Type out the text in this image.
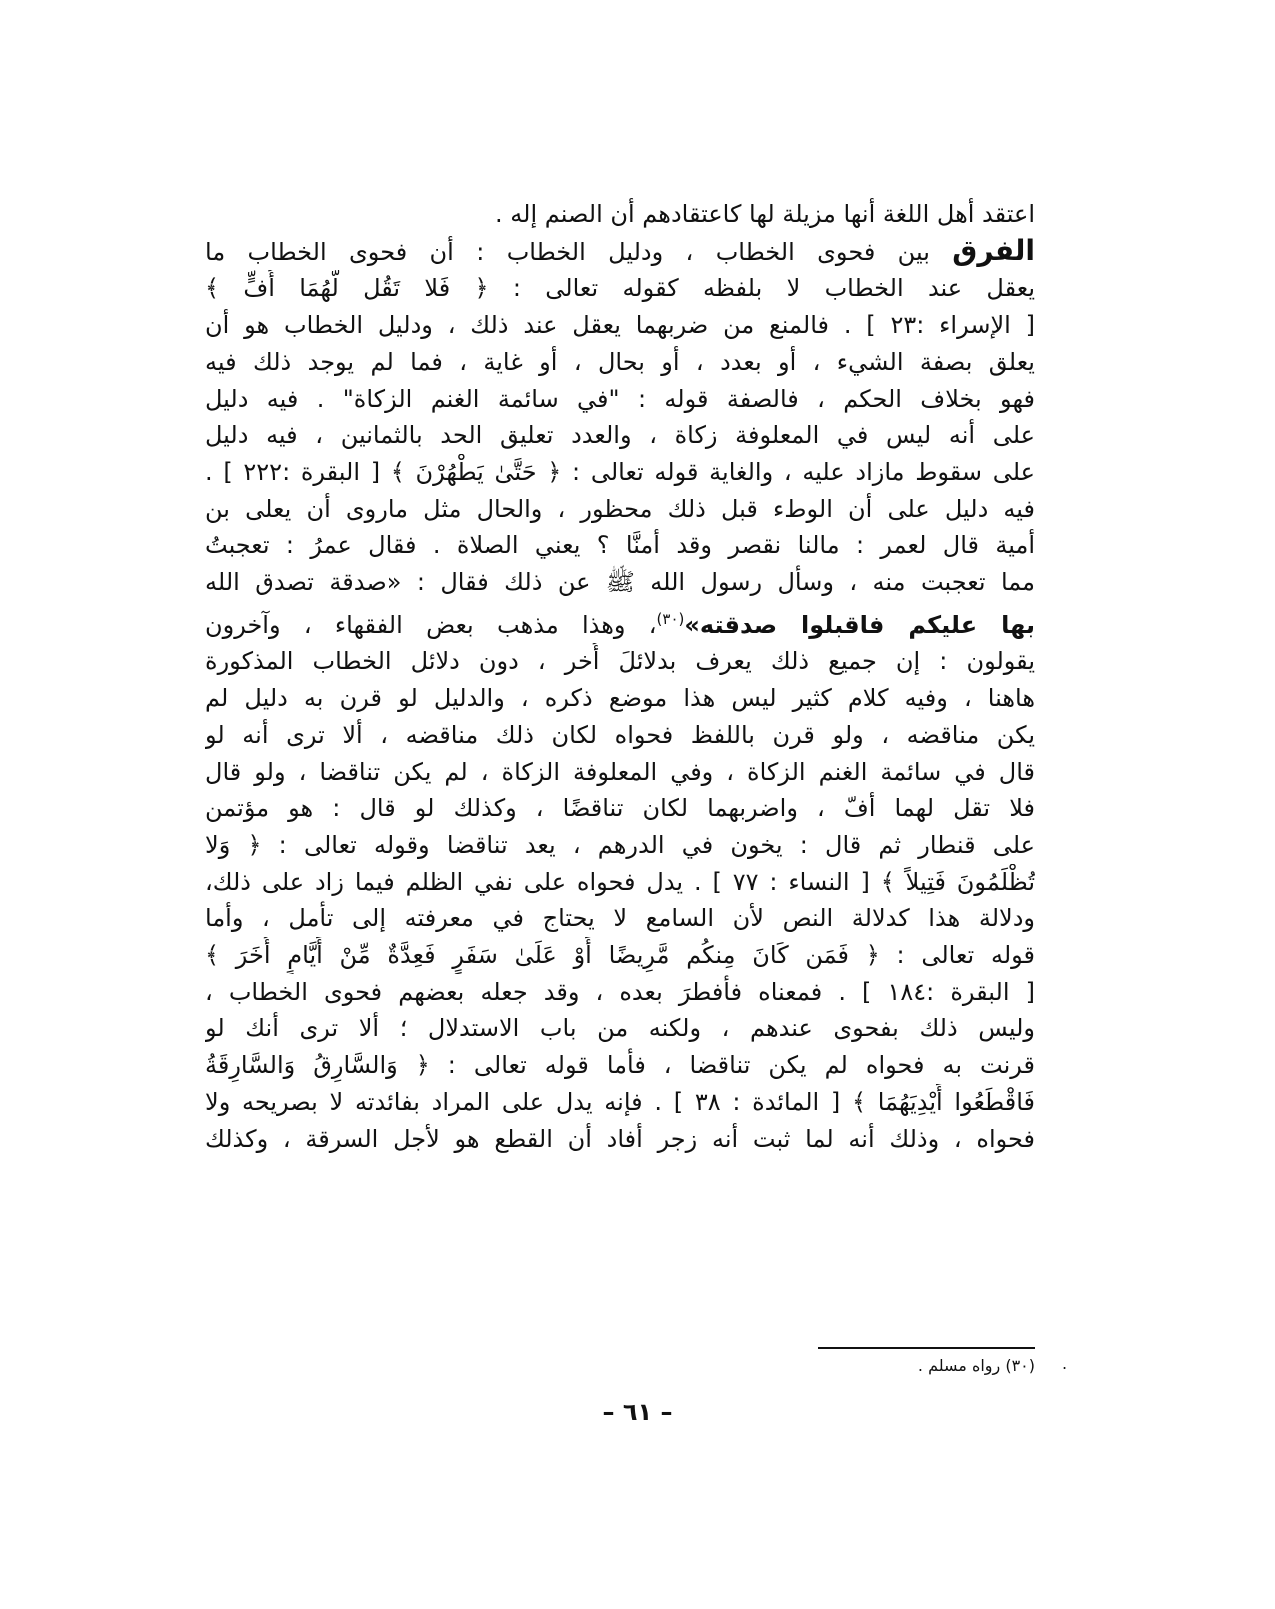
اعتقد أهل اللغة أنها مزيلة لها كاعتقادهم أن الصنم إله .
الفرق بين فحوى الخطاب ، ودليل الخطاب : أن فحوى الخطاب ما
يعقل عند الخطاب لا بلفظه كقوله تعالى : ﴿ فَلا تَقُل لَّهُمَا أُفٍّ ﴾
[ الإسراء :٢٣ ] . فالمنع من ضربهما يعقل عند ذلك ، ودليل الخطاب هو أن
يعلق بصفة الشيء ، أو بعدد ، أو بحال ، أو غاية ، فما لم يوجد ذلك فيه
فهو بخلاف الحكم ، فالصفة قوله : "في سائمة الغنم الزكاة" . فيه دليل
على أنه ليس في المعلوفة زكاة ، والعدد تعليق الحد بالثمانين ، فيه دليل
على سقوط مازاد عليه ، والغاية قوله تعالى : ﴿ حَتَّىٰ يَطْهُرْنَ ﴾ [ البقرة :٢٢٢ ] .
فيه دليل على أن الوطء قبل ذلك محظور ، والحال مثل ماروى أن يعلى بن
أمية قال لعمر : مالنا نقصر وقد أمنَّا ؟ يعني الصلاة . فقال عمرُ : تعجبتُ
مما تعجبت منه ، وسأل رسول الله ﷺ عن ذلك فقال : «صدقة تصدق الله
بها عليكم فاقبلوا صدقته»$^{(٣٠)}$، وهذا مذهب بعض الفقهاء ، وآخرون
يقولون : إن جميع ذلك يعرف بدلائلَ أُخر ، دون دلائل الخطاب المذكورة
هاهنا ، وفيه كلام كثير ليس هذا موضع ذكره ، والدليل لو قرن به دليل لم
يكن مناقضه ، ولو قرن باللفظ فحواه لكان ذلك مناقضه ، ألا ترى أنه لو
قال في سائمة الغنم الزكاة ، وفي المعلوفة الزكاة ، لم يكن تناقضا ، ولو قال
فلا تقل لهما أفّ ، واضربهما لكان تناقضًا ، وكذلك لو قال : هو مؤتمن
على قنطار ثم قال : يخون في الدرهم ، يعد تناقضا وقوله تعالى : ﴿ وَلا
تُظْلَمُونَ فَتِيلاً ﴾ [ النساء : ٧٧ ] . يدل فحواه على نفي الظلم فيما زاد على ذلك،
ودلالة هذا كدلالة النص لأن السامع لا يحتاج في معرفته إلى تأمل ، وأما
قوله تعالى : ﴿ فَمَن كَانَ مِنكُم مَّرِيضًا أَوْ عَلَىٰ سَفَرٍ فَعِدَّةٌ مِّنْ أَيَّامٍ أُخَرَ ﴾
[ البقرة :١٨٤ ] . فمعناه فأفطرَ بعده ، وقد جعله بعضهم فحوى الخطاب ،
وليس ذلك بفحوى عندهم ، ولكنه من باب الاستدلال ؛ ألا ترى أنك لو
قرنت به فحواه لم يكن تناقضا ، فأما قوله تعالى : ﴿ وَالسَّارِقُ وَالسَّارِقَةُ
فَاقْطَعُوا أَيْدِيَهُمَا ﴾ [ المائدة : ٣٨ ] . فإنه يدل على المراد بفائدته لا بصريحه ولا
فحواه ، وذلك أنه لما ثبت أنه زجر أفاد أن القطع هو لأجل السرقة ، وكذلك
(٣٠) رواه مسلم . .
– ٦١ –
